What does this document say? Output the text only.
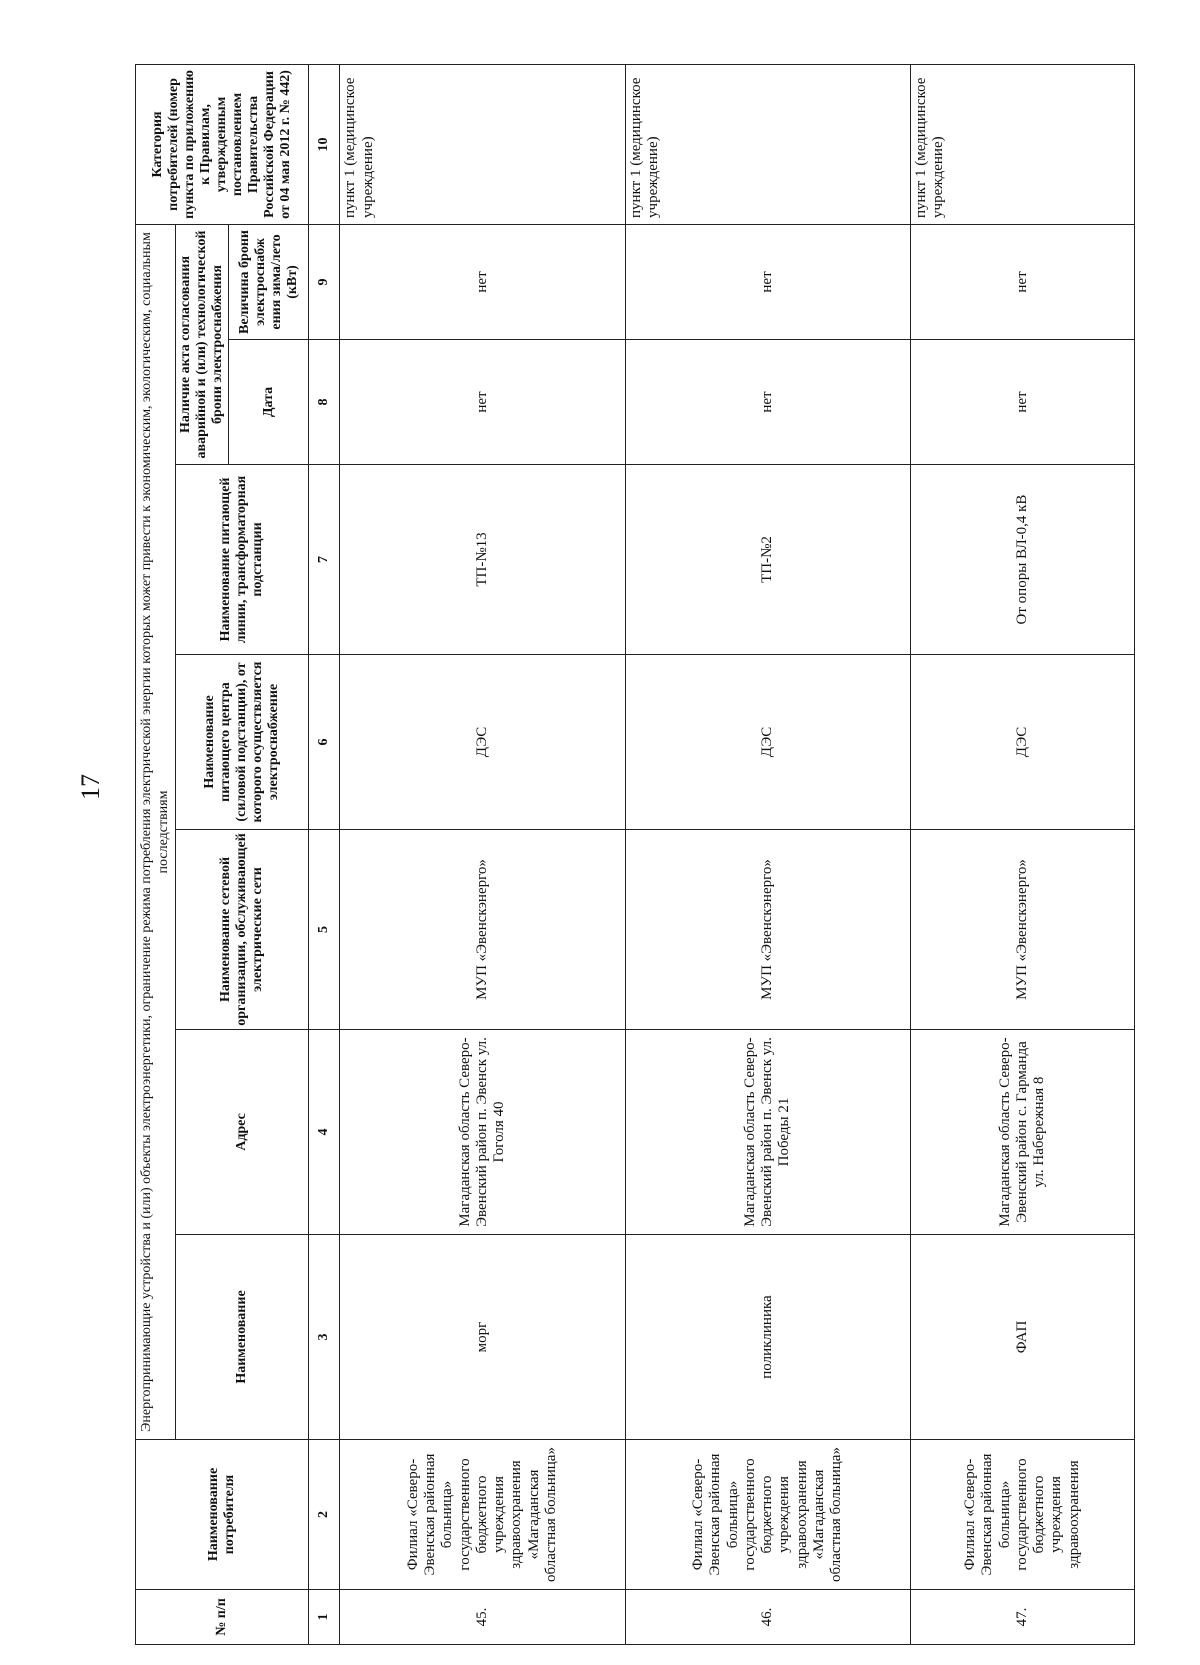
17
№ п/п	Наименование потребителя	Энергопринимающие устройства и (или) объекты электроэнергетики, ограничение режима потребления электрической энергии которых может привести к экономическим, экологическим, социальным последствиям							Категория потребителей (номер пункта по приложению к Правилам, утвержденным постановлением Правительства Российской Федерации от 04 мая 2012 г. № 442)
		Наименование	Адрес	Наименование сетевой организации, обслуживающей электрические сети	Наименование питающего центра (силовой подстанции), от которого осуществляется электроснабжение	Наименование питающей линии, трансформаторная подстанции	Наличие акта согласования аварийной и (или) технологической брони электроснабжения		
							Дата	Величина брони электроснабж ения зима/лето (кВт)	
1	2	3	4	5	6	7	8	9	10
45.	Филиал «Северо-Эвенская районная больница» государственного бюджетного учреждения здравоохранения «Магаданская областная больница»	морг	Магаданская область Северо-Эвенский район п. Эвенск ул. Гоголя 40	МУП «Эвенскэнерго»	ДЭС	ТП-№13	нет	нет	пункт 1 (медицинское учреждение)
46.	Филиал «Северо-Эвенская районная больница» государственного бюджетного учреждения здравоохранения «Магаданская областная больница»	поликлиника	Магаданская область Северо-Эвенский район п. Эвенск ул. Победы 21	МУП «Эвенскэнерго»	ДЭС	ТП-№2	нет	нет	пункт 1 (медицинское учреждение)
47.	Филиал «Северо-Эвенская районная больница» государственного бюджетного учреждения здравоохранения	ФАП	Магаданская область Северо-Эвенский район с. Гарманда ул. Набережная 8	МУП «Эвенскэнерго»	ДЭС	От опоры ВЛ-0,4 кВ	нет	нет	пункт 1 (медицинское учреждение)
